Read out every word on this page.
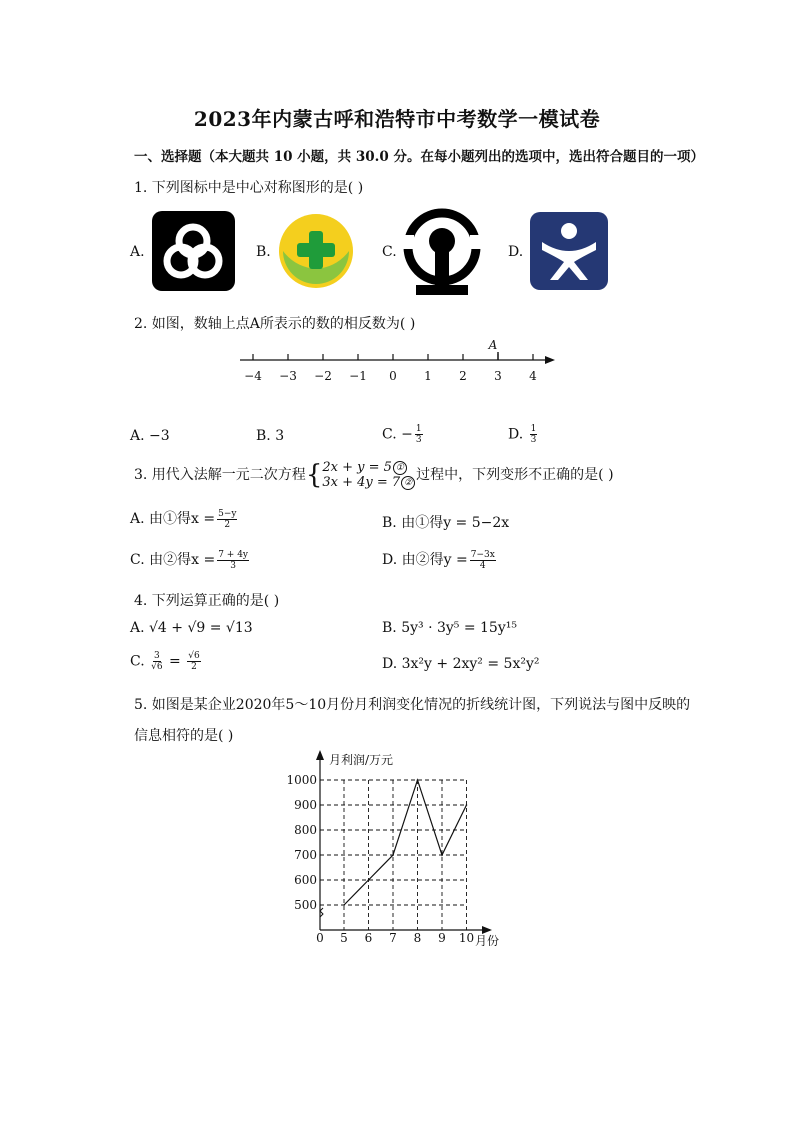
2023年内蒙古呼和浩特市中考数学一模试卷
一、选择题（本大题共 10 小题，共 30.0 分。在每小题列出的选项中，选出符合题目的一项）
1. 下列图标中是中心对称图形的是( )
A.	B.	C.	D.
2. 如图，数轴上点A所表示的数的相反数为( )
A
−4 −3 −2 −1	0	1	2	3	4
A. −3	B. 3	C. − $\frac{1}{3}$	D. $\frac{1}{3}$
3. 用代入法解一元二次方程{ 2x + y = 5 ①
3x + 4y = 7 ② 过程中，下列变形不正确的是( )
A. 由①得$x = \frac{5-y}{2}$	B. 由①得y = 5−2x
C. 由②得$x = \frac{7 + 4y}{3}$	D. 由②得$y = \frac{7-3x}{4}$
4. 下列运算正确的是( )
A. √4 + √9 = √13	B. 5y³ · 3y⁵ = 15y¹⁵
C. $\frac{3}{√6} = \frac{√6}{2}$	D. 3x²y + 2xy² = 5x²y²
5. 如图是某企业2020年5～10月份月利润变化情况的折线统计图，下列说法与图中反映的
信息相符的是( )
月利润/万元
月份
0
500
600
700
800
900
1000
5 6 7 8 9 10
